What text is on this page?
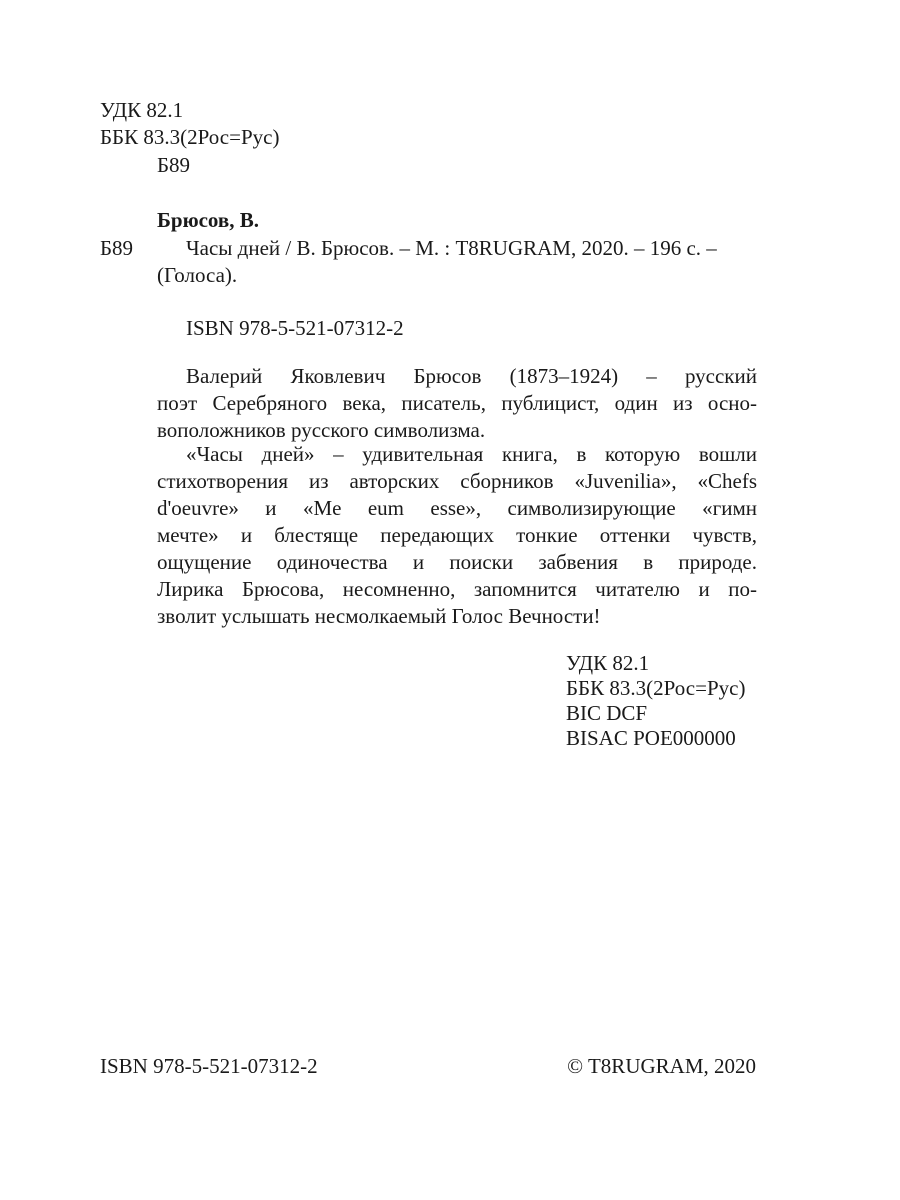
УДК 82.1
ББК 83.3(2Рос=Рус)
Б89
Брюсов, В.
Б89	Часы дней / В. Брюсов. – М. : T8RUGRAM, 2020. – 196 с. –
(Голоса).
ISBN 978-5-521-07312-2
Валерий Яковлевич Брюсов (1873–1924) – русский
поэт Серебряного века, писатель, публицист, один из осно-
воположников русского символизма.
«Часы дней» – удивительная книга, в которую вошли
стихотворения из авторских сборников «Juvenilia», «Chefs
d'oeuvre» и «Me eum esse», символизирующие «гимн
мечте» и блестяще передающих тонкие оттенки чувств,
ощущение одиночества и поиски забвения в природе.
Лирика Брюсова, несомненно, запомнится читателю и по-
зволит услышать несмолкаемый Голос Вечности!
УДК 82.1
ББК 83.3(2Рос=Рус)
BIC DCF
BISAC POE000000
ISBN 978-5-521-07312-2	© T8RUGRAM, 2020
